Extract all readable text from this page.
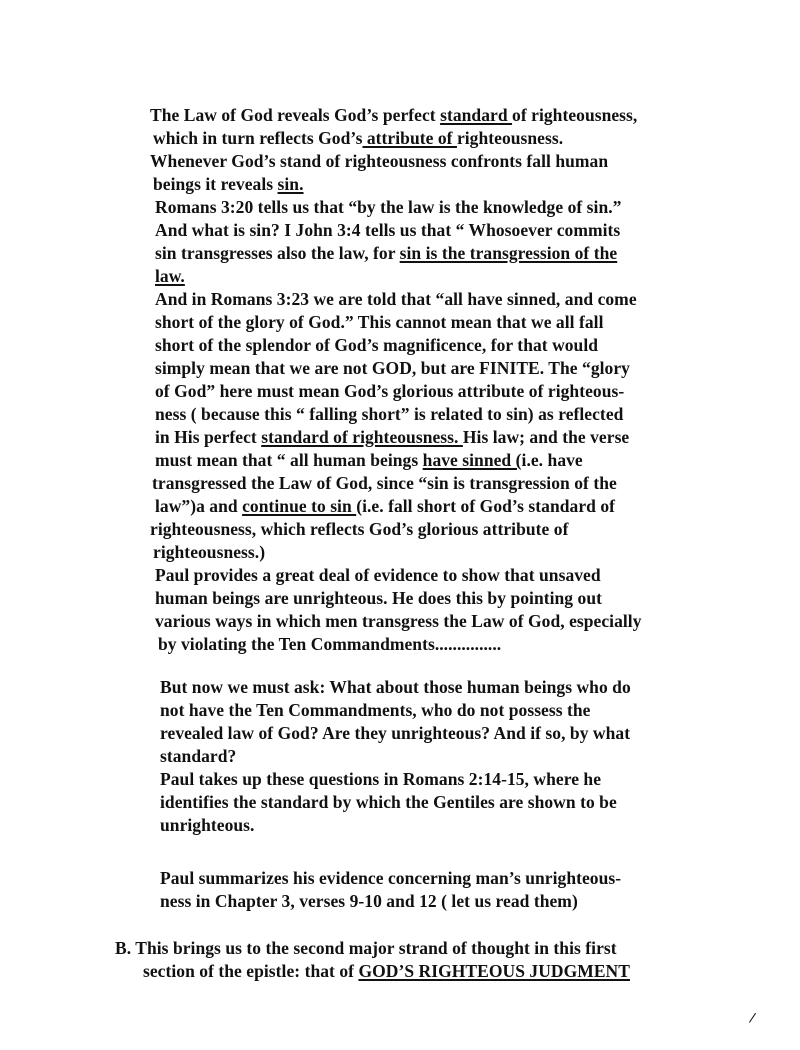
The Law of God reveals God’s perfect standard of righteousness,
which in turn reflects God’s attribute of righteousness.
Whenever God’s stand of righteousness confronts fall human
beings it reveals sin.
Romans 3:20 tells us that “by the law is the knowledge of sin.”
And what is sin? I John 3:4 tells us that “ Whosoever commits
sin transgresses also the law, for sin is the transgression of the
law.
And in Romans 3:23 we are told that “all have sinned, and come
short of the glory of God.” This cannot mean that we all fall
short of the splendor of God’s magnificence, for that would
simply mean that we are not GOD, but are FINITE. The “glory
of God” here must mean God’s glorious attribute of righteous-
ness ( because this “ falling short” is related to sin) as reflected
in His perfect standard of righteousness. His law; and the verse
must mean that “ all human beings have sinned (i.e. have
transgressed the Law of God, since “sin is transgression of the
law”)a and continue to sin (i.e. fall short of God’s standard of
righteousness, which reflects God’s glorious attribute of
righteousness.)
Paul provides a great deal of evidence to show that unsaved
human beings are unrighteous. He does this by pointing out
various ways in which men transgress the Law of God, especially
by violating the Ten Commandments...............
But now we must ask: What about those human beings who do
not have the Ten Commandments, who do not possess the
revealed law of God? Are they unrighteous? And if so, by what
standard?
Paul takes up these questions in Romans 2:14-15, where he
identifies the standard by which the Gentiles are shown to be
unrighteous.
Paul summarizes his evidence concerning man’s unrighteous-
ness in Chapter 3, verses 9-10 and 12 ( let us read them)
B. This brings us to the second major strand of thought in this first
section of the epistle: that of GOD’S RIGHTEOUS JUDGMENT
/
